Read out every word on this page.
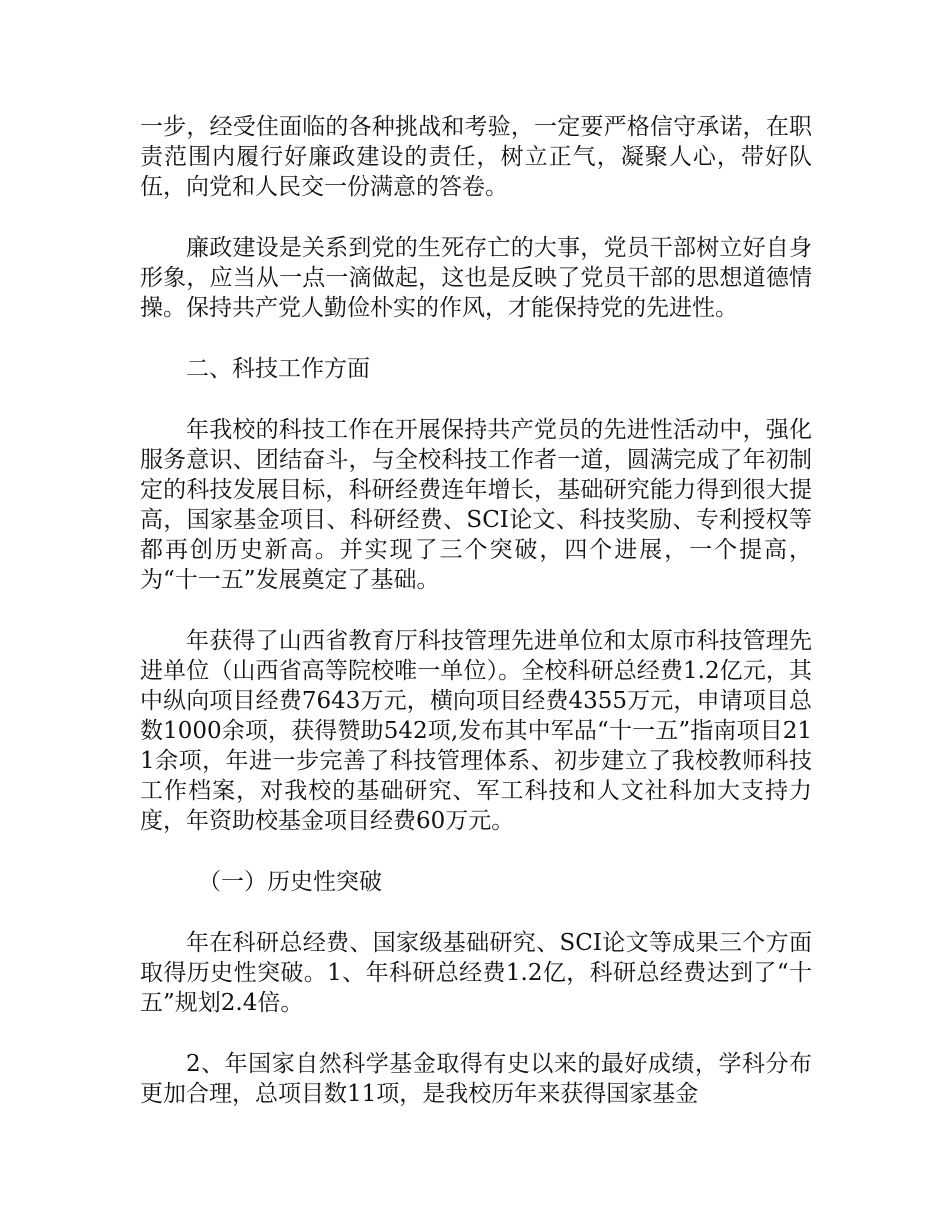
一步，经受住面临的各种挑战和考验，一定要严格信守承诺，在职责范围内履行好廉政建设的责任，树立正气，凝聚人心，带好队伍，向党和人民交一份满意的答卷。

廉政建设是关系到党的生死存亡的大事，党员干部树立好自身形象，应当从一点一滴做起，这也是反映了党员干部的思想道德情操。保持共产党人勤俭朴实的作风，才能保持党的先进性。

二、科技工作方面

年我校的科技工作在开展保持共产党员的先进性活动中，强化服务意识、团结奋斗，与全校科技工作者一道，圆满完成了年初制定的科技发展目标，科研经费连年增长，基础研究能力得到很大提高，国家基金项目、科研经费、SCI论文、科技奖励、专利授权等都再创历史新高。并实现了三个突破，四个进展，一个提高，为“十一五”发展奠定了基础。

年获得了山西省教育厅科技管理先进单位和太原市科技管理先进单位（山西省高等院校唯一单位）。全校科研总经费1.2亿元，其中纵向项目经费7643万元，横向项目经费4355万元，申请项目总数1000余项，获得赞助542项,发布其中军品“十一五”指南项目211余项，年进一步完善了科技管理体系、初步建立了我校教师科技工作档案，对我校的基础研究、军工科技和人文社科加大支持力度，年资助校基金项目经费60万元。

（一）历史性突破

年在科研总经费、国家级基础研究、SCI论文等成果三个方面取得历史性突破。1、年科研总经费1.2亿，科研总经费达到了“十五”规划2.4倍。

2、年国家自然科学基金取得有史以来的最好成绩，学科分布更加合理，总项目数11项，是我校历年来获得国家基金
